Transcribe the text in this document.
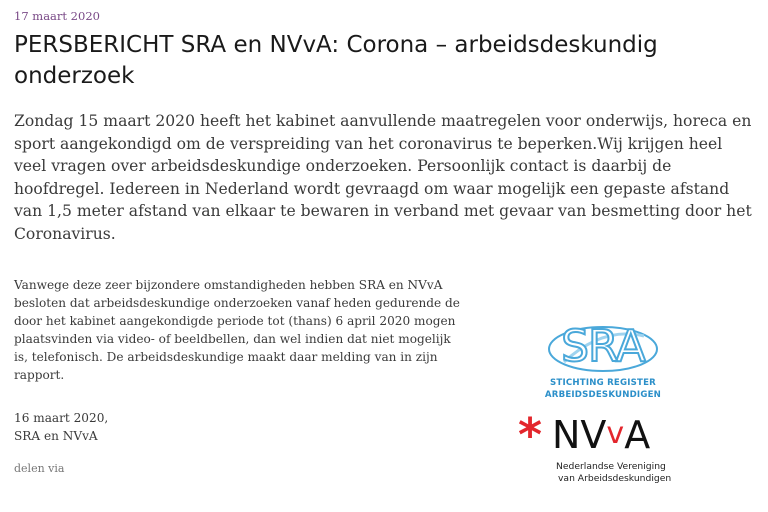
17 maart 2020
PERSBERICHT SRA en NVvA: Corona – arbeidsdeskundig onderzoek

Zondag 15 maart 2020 heeft het kabinet aanvullende maatregelen voor onderwijs, horeca en sport aangekondigd om de verspreiding van het coronavirus te beperken.Wij krijgen heel veel vragen over arbeidsdeskundige onderzoeken. Persoonlijk contact is daarbij de hoofdregel. Iedereen in Nederland wordt gevraagd om waar mogelijk een gepaste afstand van 1,5 meter afstand van elkaar te bewaren in verband met gevaar van besmetting door het Coronavirus.

Vanwege deze zeer bijzondere omstandigheden hebben SRA en NVvA besloten dat arbeidsdeskundige onderzoeken vanaf heden gedurende de door het kabinet aangekondigde periode tot (thans) 6 april 2020 mogen plaatsvinden via video- of beeldbellen, dan wel indien dat niet mogelijk is, telefonisch. De arbeidsdeskundige maakt daar melding van in zijn rapport.

16 maart 2020,
SRA en NVvA
delen via
SRA
STICHTING REGISTER
ARBEIDSDESKUNDIGEN
* NVvA
Nederlandse Vereniging
van Arbeidsdeskundigen
